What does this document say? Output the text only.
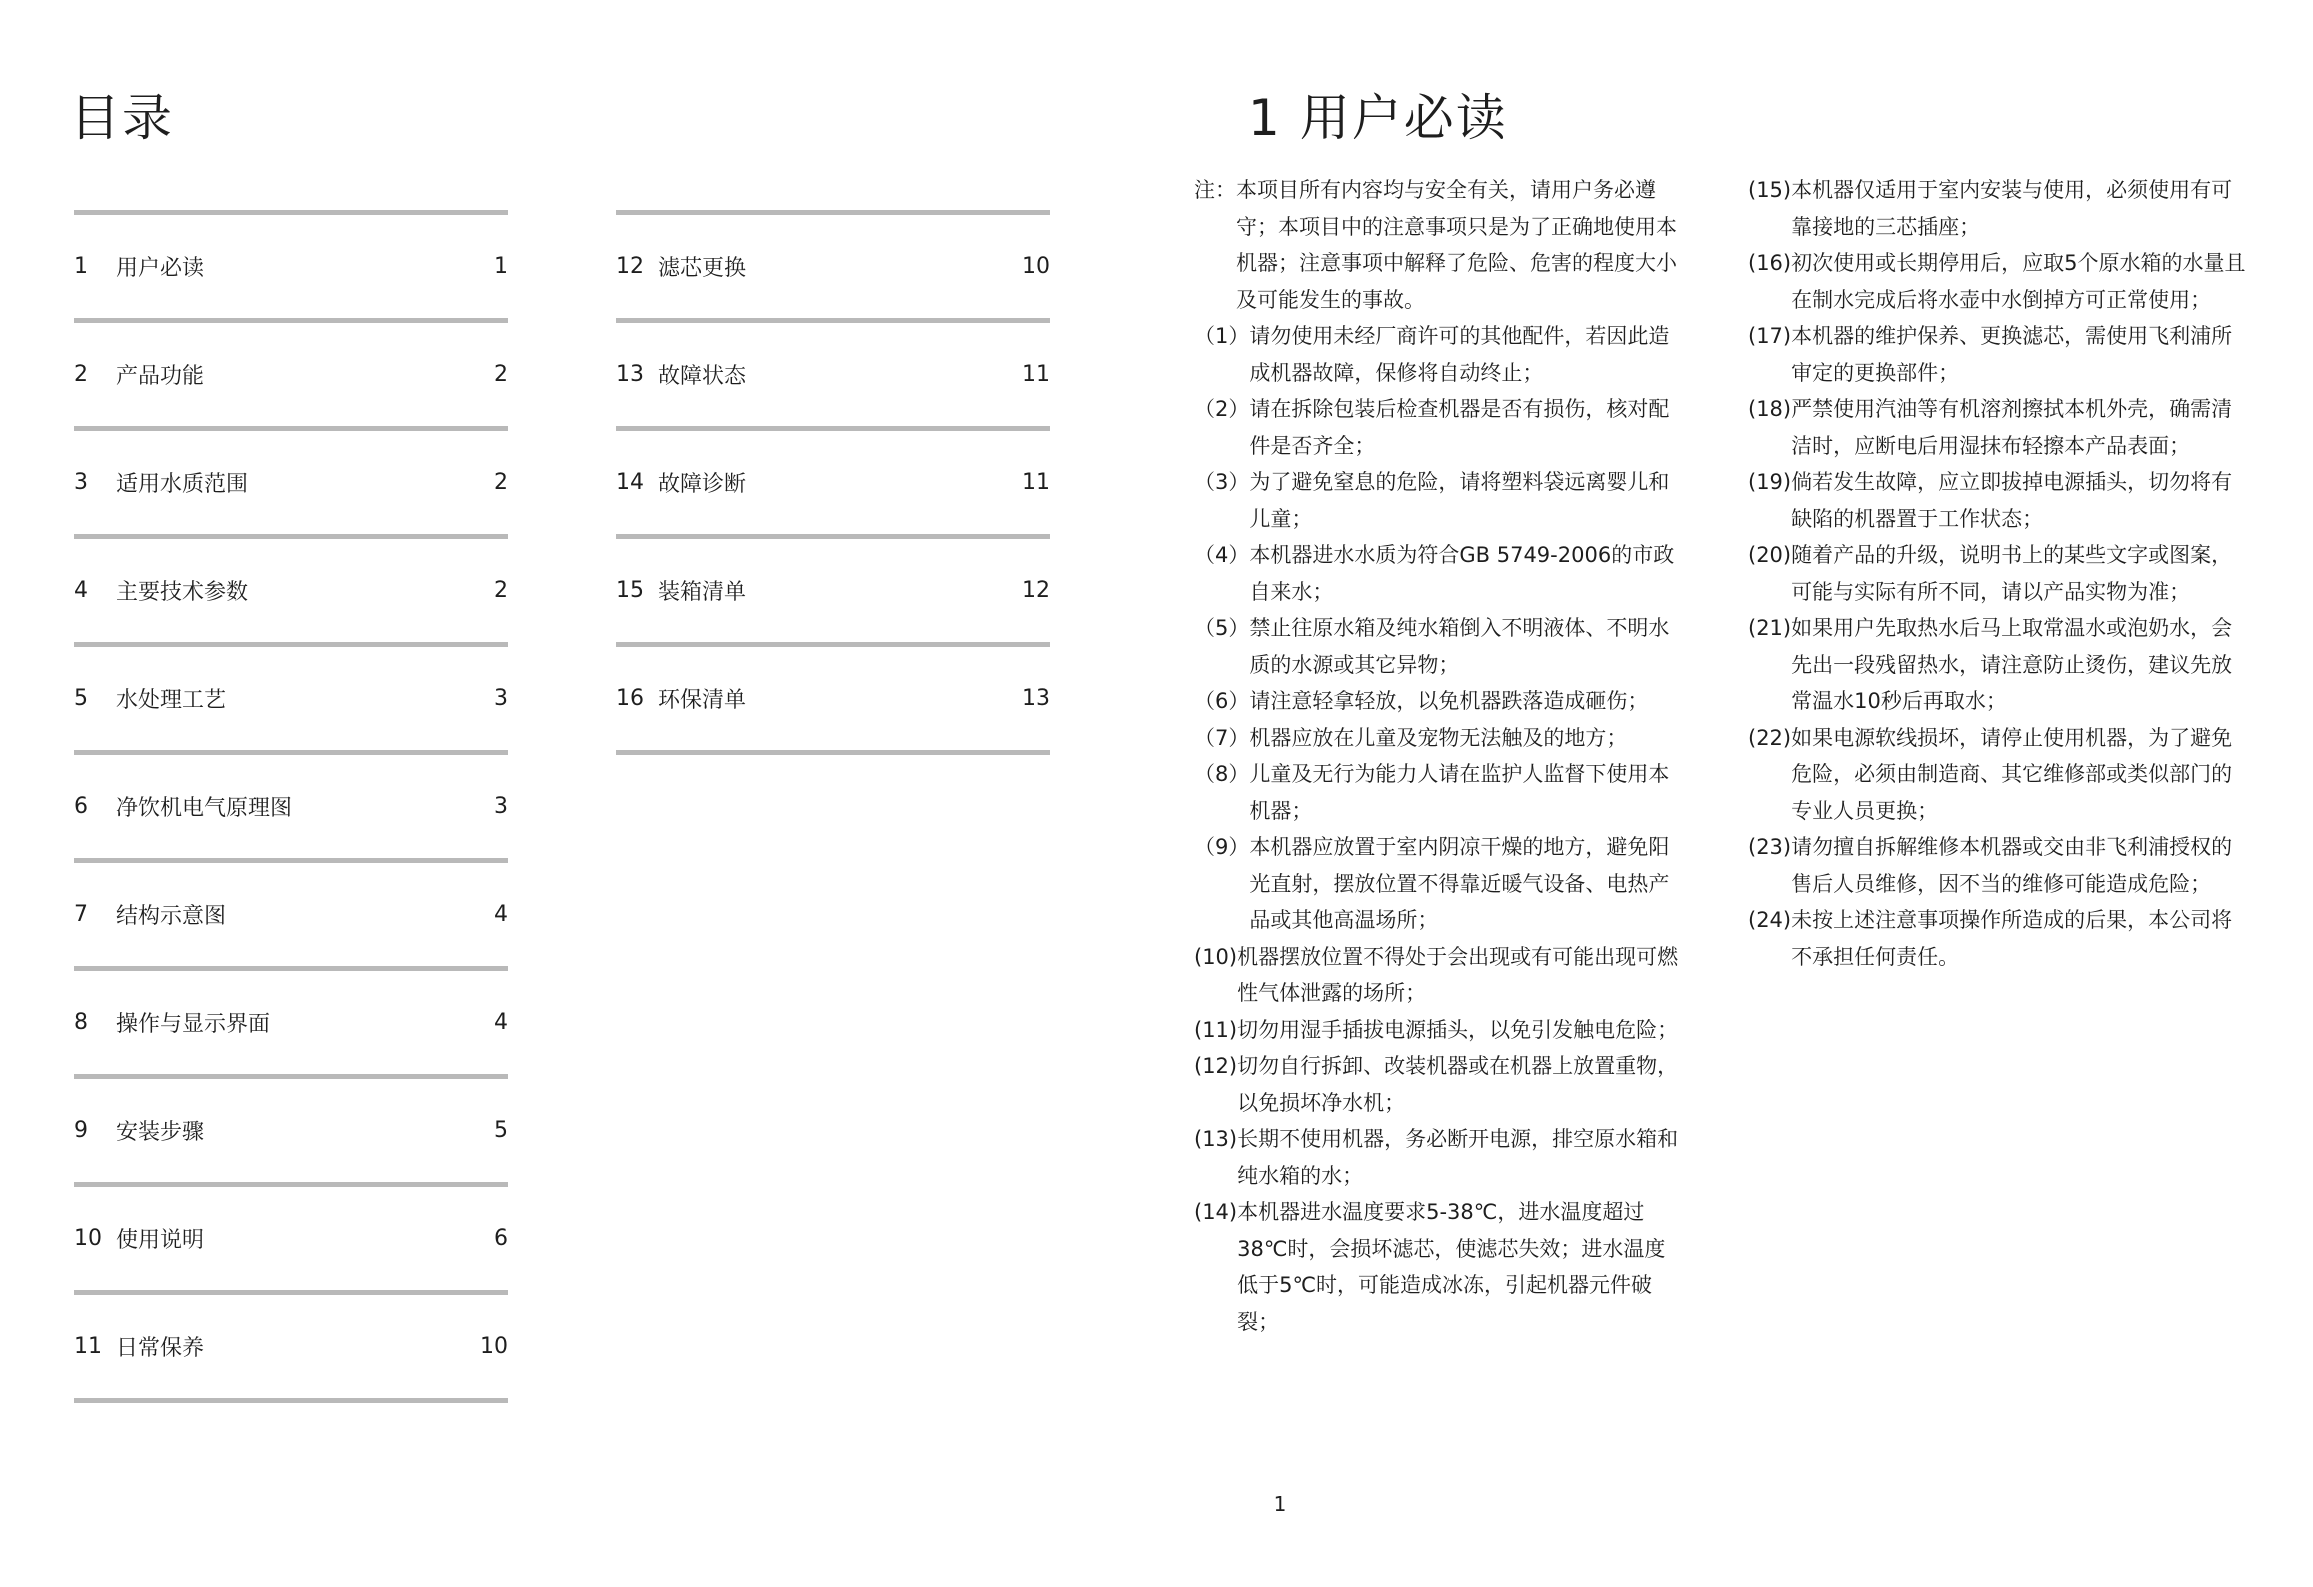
目录
1	用户必读	1
2	产品功能	2
3	适用水质范围	2
4	主要技术参数	2
5	水处理工艺	3
6	净饮机电气原理图	3
7	结构示意图	4
8	操作与显示界面	4
9	安装步骤	5
10 使用说明	6
11 日常保养	10
12 滤芯更换	10
13 故障状态	11
14 故障诊断	11
15 装箱清单	12
16 环保清单	13
1 用户必读
注： 本项目所有内容均与安全有关，请用户务必遵守；本项目中的注意事项只是为了正确地使用本机器；注意事项中解释了危险、危害的程度大小及可能发生的事故。
（1） 请勿使用未经厂商许可的其他配件，若因此造成机器故障，保修将自动终止；
（2） 请在拆除包装后检查机器是否有损伤，核对配件是否齐全；
（3） 为了避免窒息的危险，请将塑料袋远离婴儿和儿童；
（4） 本机器进水水质为符合GB 5749-2006的市政自来水；
（5） 禁止往原水箱及纯水箱倒入不明液体、不明水质的水源或其它异物；
（6） 请注意轻拿轻放，以免机器跌落造成砸伤；
（7） 机器应放在儿童及宠物无法触及的地方；
（8） 儿童及无行为能力人请在监护人监督下使用本机器；
（9） 本机器应放置于室内阴凉干燥的地方，避免阳光直射，摆放位置不得靠近暖气设备、电热产品或其他高温场所；
(10) 机器摆放位置不得处于会出现或有可能出现可燃性气体泄露的场所；
(11) 切勿用湿手插拔电源插头，以免引发触电危险；
(12) 切勿自行拆卸、改装机器或在机器上放置重物，以免损坏净水机；
(13) 长期不使用机器，务必断开电源，排空原水箱和纯水箱的水；
(14) 本机器进水温度要求5-38℃，进水温度超过38℃时，会损坏滤芯，使滤芯失效；进水温度低于5℃时，可能造成冰冻，引起机器元件破裂；
(15) 本机器仅适用于室内安装与使用，必须使用有可靠接地的三芯插座；
(16) 初次使用或长期停用后，应取5个原水箱的水量且在制水完成后将水壶中水倒掉方可正常使用；
(17) 本机器的维护保养、更换滤芯，需使用飞利浦所审定的更换部件；
(18) 严禁使用汽油等有机溶剂擦拭本机外壳，确需清洁时，应断电后用湿抹布轻擦本产品表面；
(19) 倘若发生故障，应立即拔掉电源插头，切勿将有缺陷的机器置于工作状态；
(20) 随着产品的升级，说明书上的某些文字或图案，可能与实际有所不同，请以产品实物为准；
(21) 如果用户先取热水后马上取常温水或泡奶水，会先出一段残留热水，请注意防止烫伤，建议先放常温水10秒后再取水；
(22) 如果电源软线损坏，请停止使用机器，为了避免危险，必须由制造商、其它维修部或类似部门的专业人员更换；
(23) 请勿擅自拆解维修本机器或交由非飞利浦授权的售后人员维修，因不当的维修可能造成危险；
(24) 未按上述注意事项操作所造成的后果，本公司将不承担任何责任。
1
